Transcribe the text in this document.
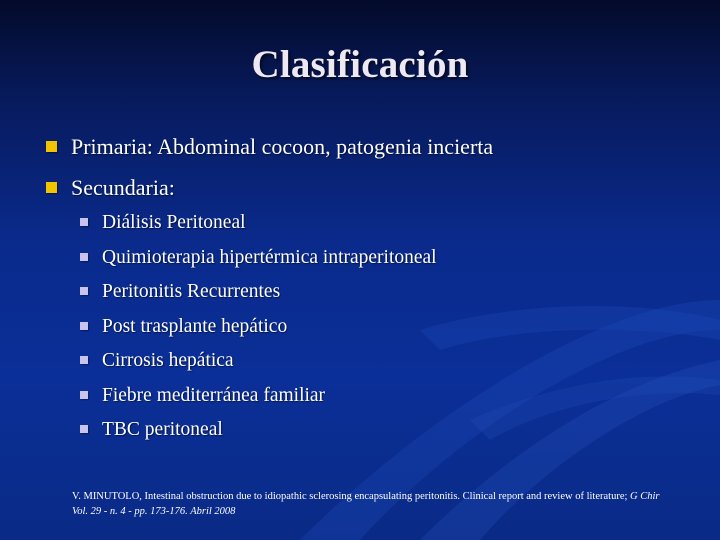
Clasificación
Primaria: Abdominal cocoon, patogenia incierta
Secundaria:
Diálisis Peritoneal
Quimioterapia hipertérmica intraperitoneal
Peritonitis Recurrentes
Post trasplante hepático
Cirrosis hepática
Fiebre mediterránea familiar
TBC peritoneal
V. MINUTOLO, Intestinal obstruction due to idiopathic sclerosing encapsulating peritonitis. Clinical report and review of literature; G Chir Vol. 29 - n. 4 - pp. 173-176. Abril 2008
